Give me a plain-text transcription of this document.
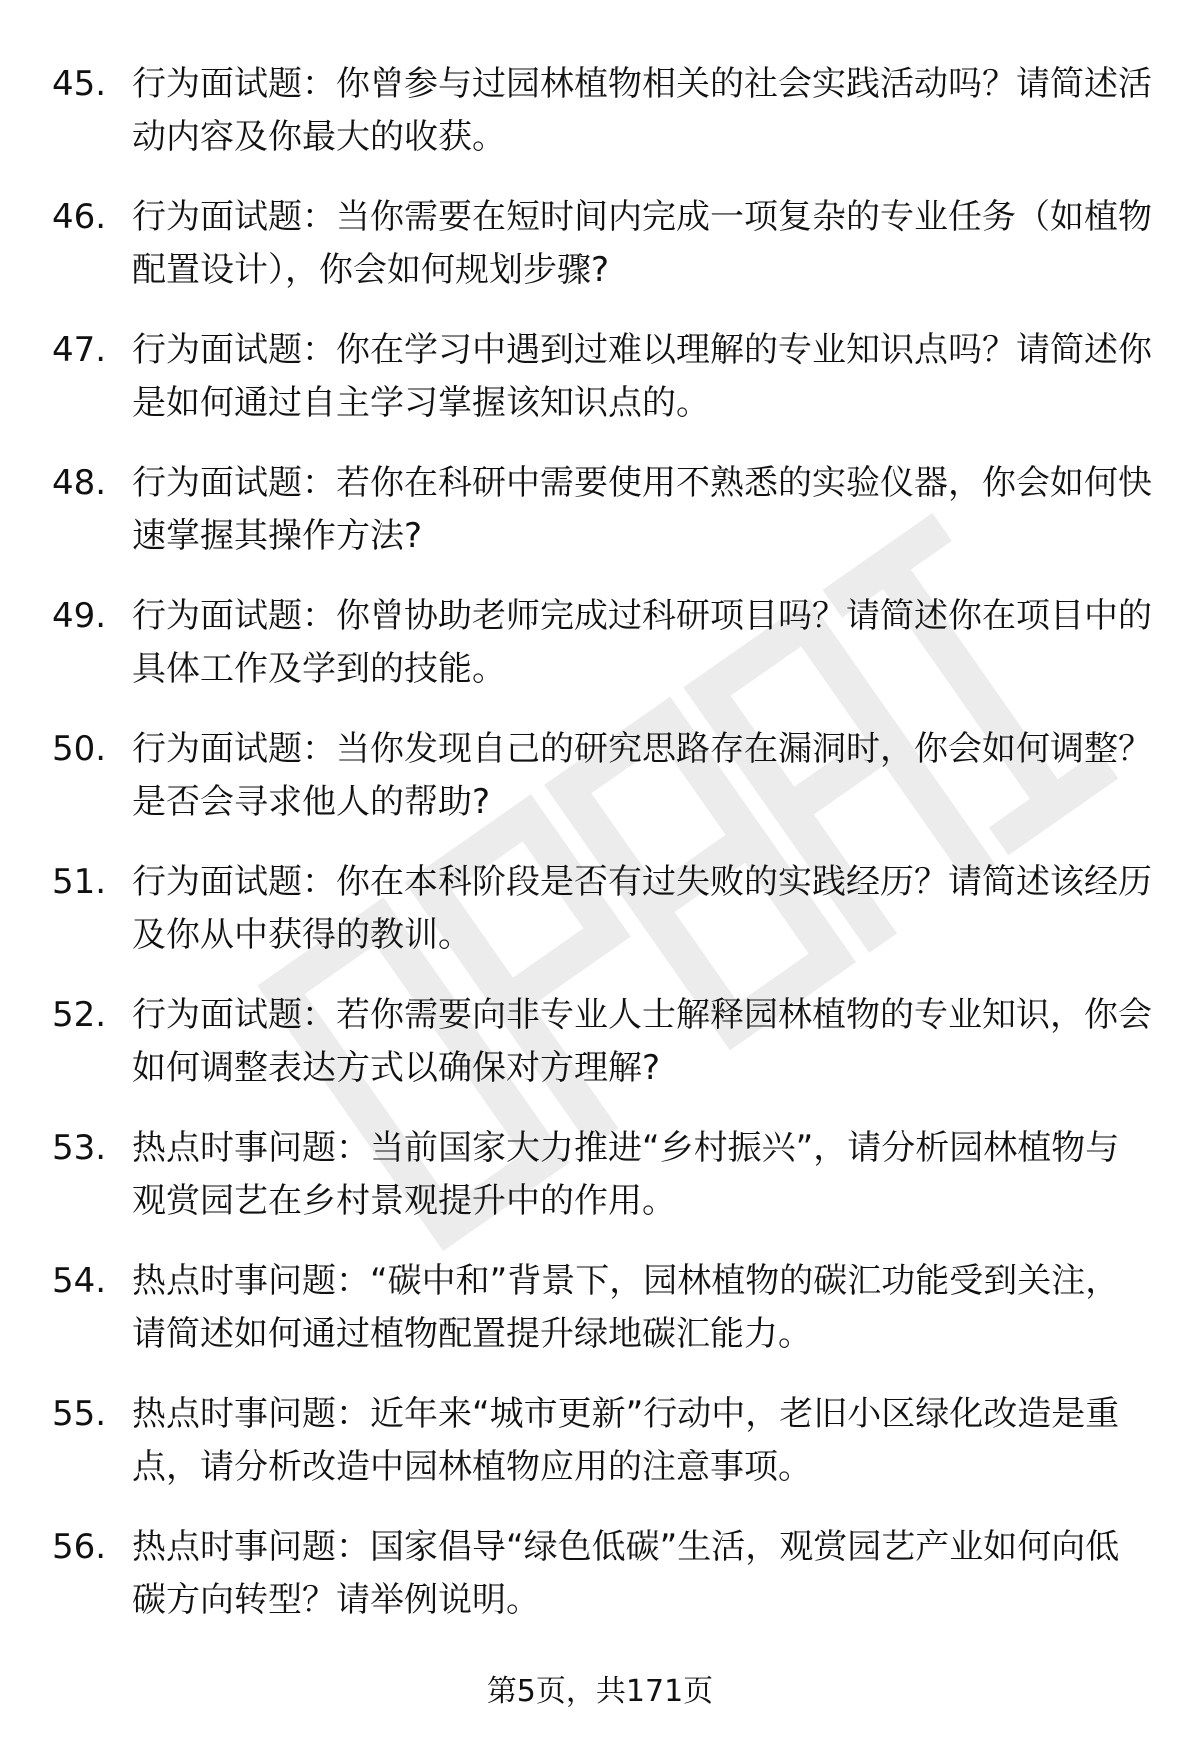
45. 行为面试题：你曾参与过园林植物相关的社会实践活动吗？请简述活动内容及你最大的收获。
46. 行为面试题：当你需要在短时间内完成一项复杂的专业任务（如植物配置设计），你会如何规划步骤?
47. 行为面试题：你在学习中遇到过难以理解的专业知识点吗？请简述你是如何通过自主学习掌握该知识点的。
48. 行为面试题：若你在科研中需要使用不熟悉的实验仪器，你会如何快速掌握其操作方法?
49. 行为面试题：你曾协助老师完成过科研项目吗？请简述你在项目中的具体工作及学到的技能。
50. 行为面试题：当你发现自己的研究思路存在漏洞时，你会如何调整？是否会寻求他人的帮助?
51. 行为面试题：你在本科阶段是否有过失败的实践经历？请简述该经历及你从中获得的教训。
52. 行为面试题：若你需要向非专业人士解释园林植物的专业知识，你会如何调整表达方式以确保对方理解?
53. 热点时事问题：当前国家大力推进“乡村振兴”，请分析园林植物与观赏园艺在乡村景观提升中的作用。
54. 热点时事问题：“碳中和”背景下，园林植物的碳汇功能受到关注，请简述如何通过植物配置提升绿地碳汇能力。
55. 热点时事问题：近年来“城市更新”行动中，老旧小区绿化改造是重点，请分析改造中园林植物应用的注意事项。
56. 热点时事问题：国家倡导“绿色低碳”生活，观赏园艺产业如何向低碳方向转型？请举例说明。
第5页，共171页
